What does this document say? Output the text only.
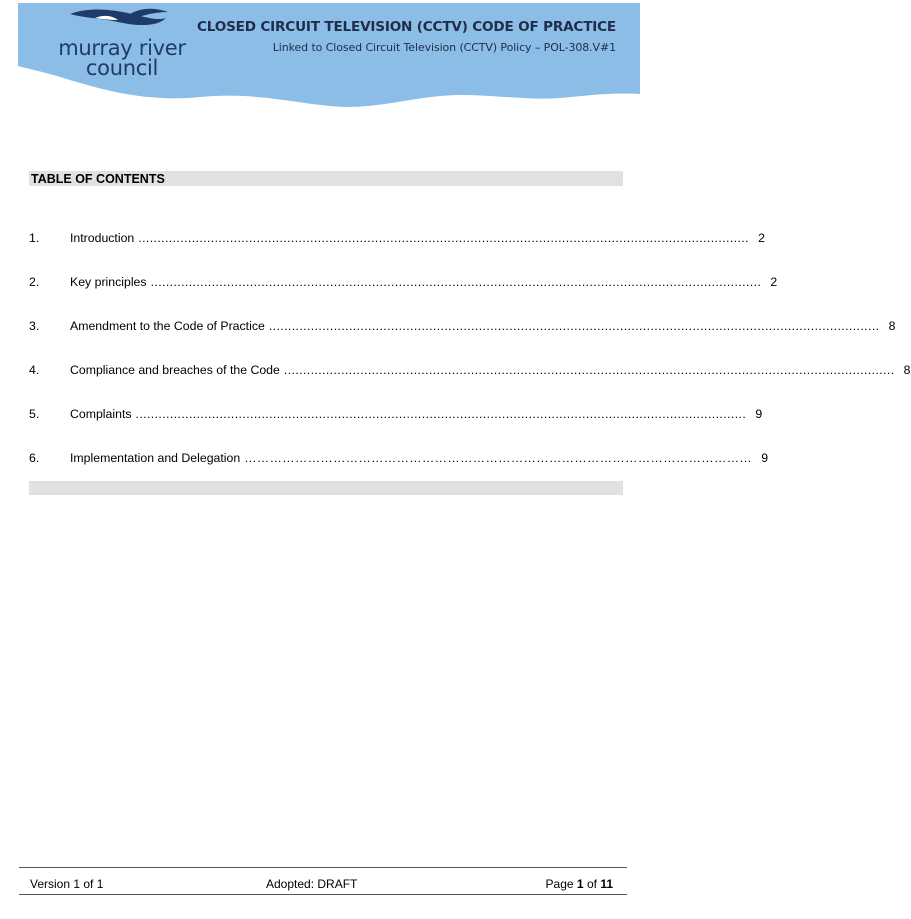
murray river
council
CLOSED CIRCUIT TELEVISION (CCTV) CODE OF PRACTICE
Linked to Closed Circuit Television (CCTV) Policy – POL-308.V#1
TABLE OF CONTENTS
1.	Introduction ................................................................................................................................................................ 2
2.	Key principles ................................................................................................................................................................ 2
3.	Amendment to the Code of Practice ................................................................................................................................................................ 8
4.	Compliance and breaches of the Code ................................................................................................................................................................ 8
5.	Complaints ................................................................................................................................................................ 9
6.	Implementation and Delegation ………………………………………………………………………………………………………… 9
Version 1 of 1	Adopted: DRAFT	Page 1 of 11
